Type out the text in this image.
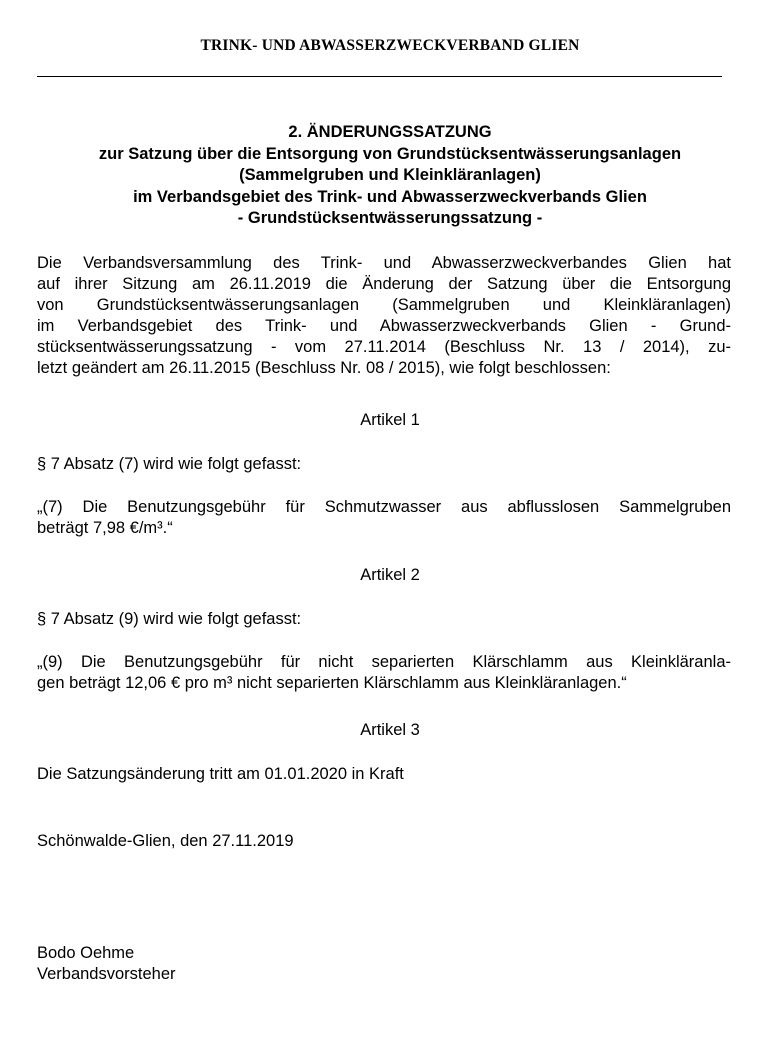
TRINK- UND ABWASSERZWECKVERBAND GLIEN
2. ÄNDERUNGSSATZUNG
zur Satzung über die Entsorgung von Grundstücksentwässerungsanlagen
(Sammelgruben und Kleinkläranlagen)
im Verbandsgebiet des Trink- und Abwasserzweckverbands Glien
- Grundstücksentwässerungssatzung -
Die Verbandsversammlung des Trink- und Abwasserzweckverbandes Glien hat
auf ihrer Sitzung am 26.11.2019 die Änderung der Satzung über die Entsorgung
von Grundstücksentwässerungsanlagen (Sammelgruben und Kleinkläranlagen)
im Verbandsgebiet des Trink- und Abwasserzweckverbands Glien - Grund-
stücksentwässerungssatzung - vom 27.11.2014 (Beschluss Nr. 13 / 2014), zu-
letzt geändert am 26.11.2015 (Beschluss Nr. 08 / 2015), wie folgt beschlossen:
Artikel 1
§ 7 Absatz (7) wird wie folgt gefasst:
„(7) Die Benutzungsgebühr für Schmutzwasser aus abflusslosen Sammelgruben
beträgt 7,98 €/m³.“
Artikel 2
§ 7 Absatz (9) wird wie folgt gefasst:
„(9) Die Benutzungsgebühr für nicht separierten Klärschlamm aus Kleinkläranla-
gen beträgt 12,06 € pro m³ nicht separierten Klärschlamm aus Kleinkläranlagen.“
Artikel 3
Die Satzungsänderung tritt am 01.01.2020 in Kraft
Schönwalde-Glien, den 27.11.2019
Bodo Oehme
Verbandsvorsteher
